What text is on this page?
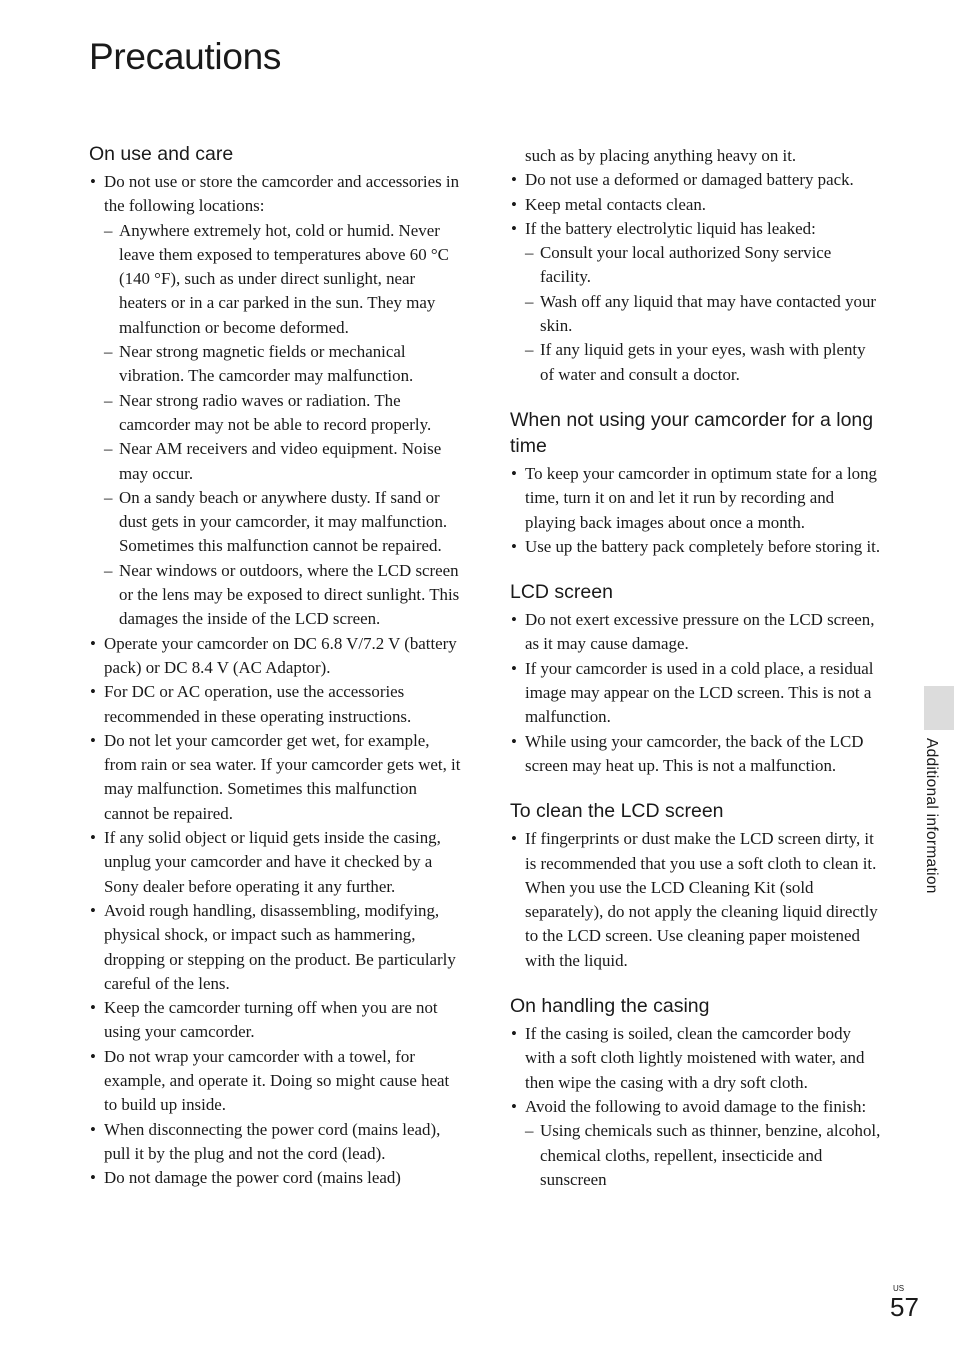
Precautions
On use and care
• Do not use or store the camcorder and accessories in the following locations:
– Anywhere extremely hot, cold or humid. Never leave them exposed to temperatures above 60 °C (140 °F), such as under direct sunlight, near heaters or in a car parked in the sun. They may malfunction or become deformed.
– Near strong magnetic fields or mechanical vibration. The camcorder may malfunction.
– Near strong radio waves or radiation. The camcorder may not be able to record properly.
– Near AM receivers and video equipment. Noise may occur.
– On a sandy beach or anywhere dusty. If sand or dust gets in your camcorder, it may malfunction. Sometimes this malfunction cannot be repaired.
– Near windows or outdoors, where the LCD screen or the lens may be exposed to direct sunlight. This damages the inside of the LCD screen.
• Operate your camcorder on DC 6.8 V/7.2 V (battery pack) or DC 8.4 V (AC Adaptor).
• For DC or AC operation, use the accessories recommended in these operating instructions.
• Do not let your camcorder get wet, for example, from rain or sea water. If your camcorder gets wet, it may malfunction. Sometimes this malfunction cannot be repaired.
• If any solid object or liquid gets inside the casing, unplug your camcorder and have it checked by a Sony dealer before operating it any further.
• Avoid rough handling, disassembling, modifying, physical shock, or impact such as hammering, dropping or stepping on the product. Be particularly careful of the lens.
• Keep the camcorder turning off when you are not using your camcorder.
• Do not wrap your camcorder with a towel, for example, and operate it. Doing so might cause heat to build up inside.
• When disconnecting the power cord (mains lead), pull it by the plug and not the cord (lead).
• Do not damage the power cord (mains lead)
such as by placing anything heavy on it.
• Do not use a deformed or damaged battery pack.
• Keep metal contacts clean.
• If the battery electrolytic liquid has leaked:
– Consult your local authorized Sony service facility.
– Wash off any liquid that may have contacted your skin.
– If any liquid gets in your eyes, wash with plenty of water and consult a doctor.
When not using your camcorder for a long time
• To keep your camcorder in optimum state for a long time, turn it on and let it run by recording and playing back images about once a month.
• Use up the battery pack completely before storing it.
LCD screen
• Do not exert excessive pressure on the LCD screen, as it may cause damage.
• If your camcorder is used in a cold place, a residual image may appear on the LCD screen. This is not a malfunction.
• While using your camcorder, the back of the LCD screen may heat up. This is not a malfunction.
To clean the LCD screen
• If fingerprints or dust make the LCD screen dirty, it is recommended that you use a soft cloth to clean it. When you use the LCD Cleaning Kit (sold separately), do not apply the cleaning liquid directly to the LCD screen. Use cleaning paper moistened with the liquid.
On handling the casing
• If the casing is soiled, clean the camcorder body with a soft cloth lightly moistened with water, and then wipe the casing with a dry soft cloth.
• Avoid the following to avoid damage to the finish:
– Using chemicals such as thinner, benzine, alcohol, chemical cloths, repellent, insecticide and sunscreen
Additional information
US
57
